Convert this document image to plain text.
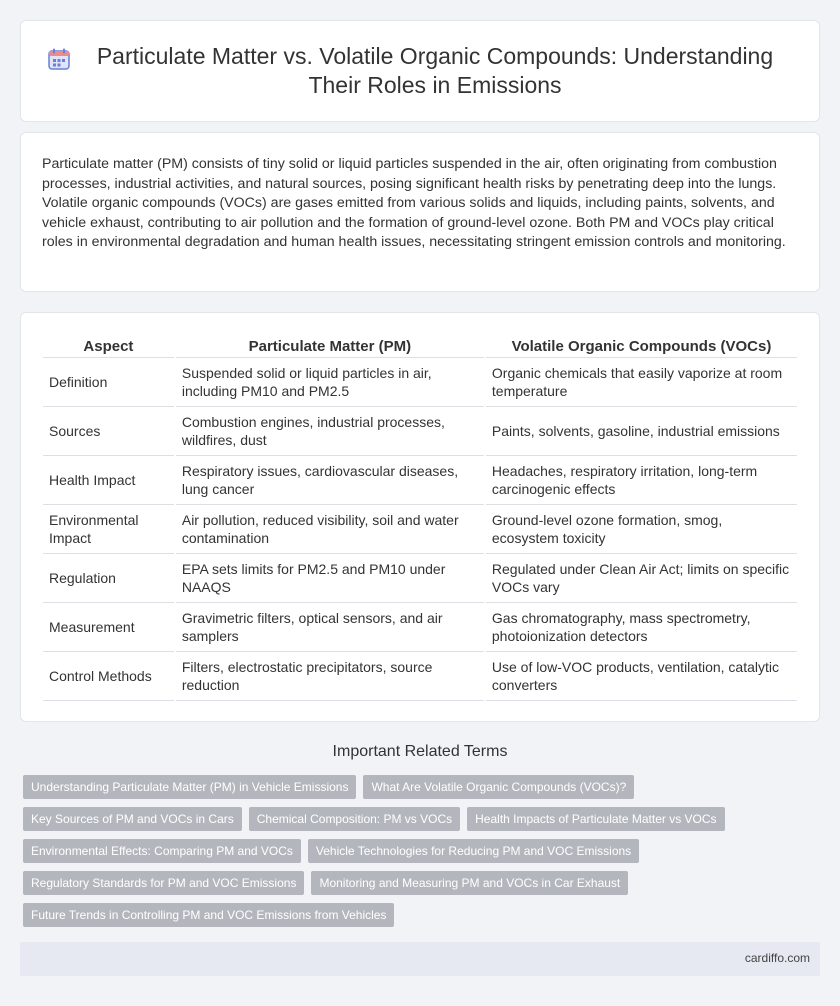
Particulate Matter vs. Volatile Organic Compounds: Understanding Their Roles in Emissions

Particulate matter (PM) consists of tiny solid or liquid particles suspended in the air, often originating from combustion processes, industrial activities, and natural sources, posing significant health risks by penetrating deep into the lungs. Volatile organic compounds (VOCs) are gases emitted from various solids and liquids, including paints, solvents, and vehicle exhaust, contributing to air pollution and the formation of ground-level ozone. Both PM and VOCs play critical roles in environmental degradation and human health issues, necessitating stringent emission controls and monitoring.

Aspect	Particulate Matter (PM)	Volatile Organic Compounds (VOCs)
Definition	Suspended solid or liquid particles in air, including PM10 and PM2.5	Organic chemicals that easily vaporize at room temperature
Sources	Combustion engines, industrial processes, wildfires, dust	Paints, solvents, gasoline, industrial emissions
Health Impact	Respiratory issues, cardiovascular diseases, lung cancer	Headaches, respiratory irritation, long-term carcinogenic effects
Environmental Impact	Air pollution, reduced visibility, soil and water contamination	Ground-level ozone formation, smog, ecosystem toxicity
Regulation	EPA sets limits for PM2.5 and PM10 under NAAQS	Regulated under Clean Air Act; limits on specific VOCs vary
Measurement	Gravimetric filters, optical sensors, and air samplers	Gas chromatography, mass spectrometry, photoionization detectors
Control Methods	Filters, electrostatic precipitators, source reduction	Use of low-VOC products, ventilation, catalytic converters
Important Related Terms
Understanding Particulate Matter (PM) in Vehicle Emissions	What Are Volatile Organic Compounds (VOCs)?
Key Sources of PM and VOCs in Cars	Chemical Composition: PM vs VOCs	Health Impacts of Particulate Matter vs VOCs
Environmental Effects: Comparing PM and VOCs	Vehicle Technologies for Reducing PM and VOC Emissions
Regulatory Standards for PM and VOC Emissions	Monitoring and Measuring PM and VOCs in Car Exhaust
Future Trends in Controlling PM and VOC Emissions from Vehicles
cardiffo.com
